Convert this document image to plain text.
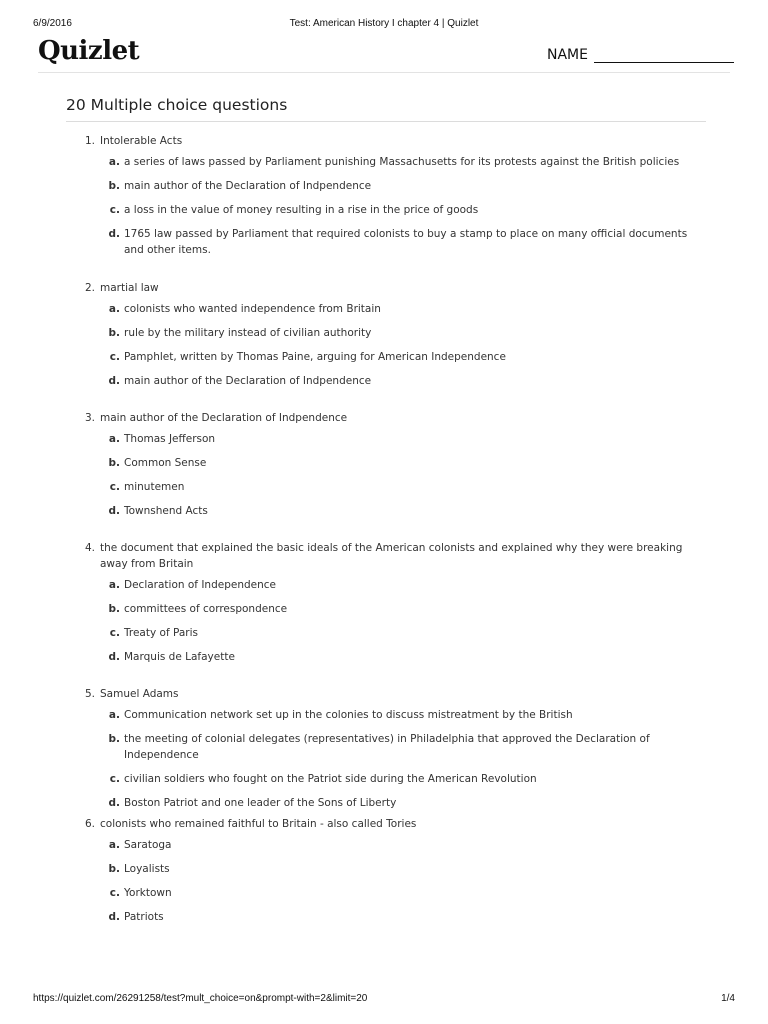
6/9/2016	Test: American History I chapter 4 | Quizlet
Quizlet	NAME
20 Multiple choice questions
1. Intolerable Acts
a. a series of laws passed by Parliament punishing Massachusetts for its protests against the British policies
b. main author of the Declaration of Indpendence
c. a loss in the value of money resulting in a rise in the price of goods
d. 1765 law passed by Parliament that required colonists to buy a stamp to place on many official documents and other items.
2. martial law
a. colonists who wanted independence from Britain
b. rule by the military instead of civilian authority
c. Pamphlet, written by Thomas Paine, arguing for American Independence
d. main author of the Declaration of Indpendence
3. main author of the Declaration of Indpendence
a. Thomas Jefferson
b. Common Sense
c. minutemen
d. Townshend Acts
4. the document that explained the basic ideals of the American colonists and explained why they were breaking away from Britain
a. Declaration of Independence
b. committees of correspondence
c. Treaty of Paris
d. Marquis de Lafayette
5. Samuel Adams
a. Communication network set up in the colonies to discuss mistreatment by the British
b. the meeting of colonial delegates (representatives) in Philadelphia that approved the Declaration of Independence
c. civilian soldiers who fought on the Patriot side during the American Revolution
d. Boston Patriot and one leader of the Sons of Liberty
6. colonists who remained faithful to Britain - also called Tories
a. Saratoga
b. Loyalists
c. Yorktown
d. Patriots
https://quizlet.com/26291258/test?mult_choice=on&prompt-with=2&limit=20	1/4
